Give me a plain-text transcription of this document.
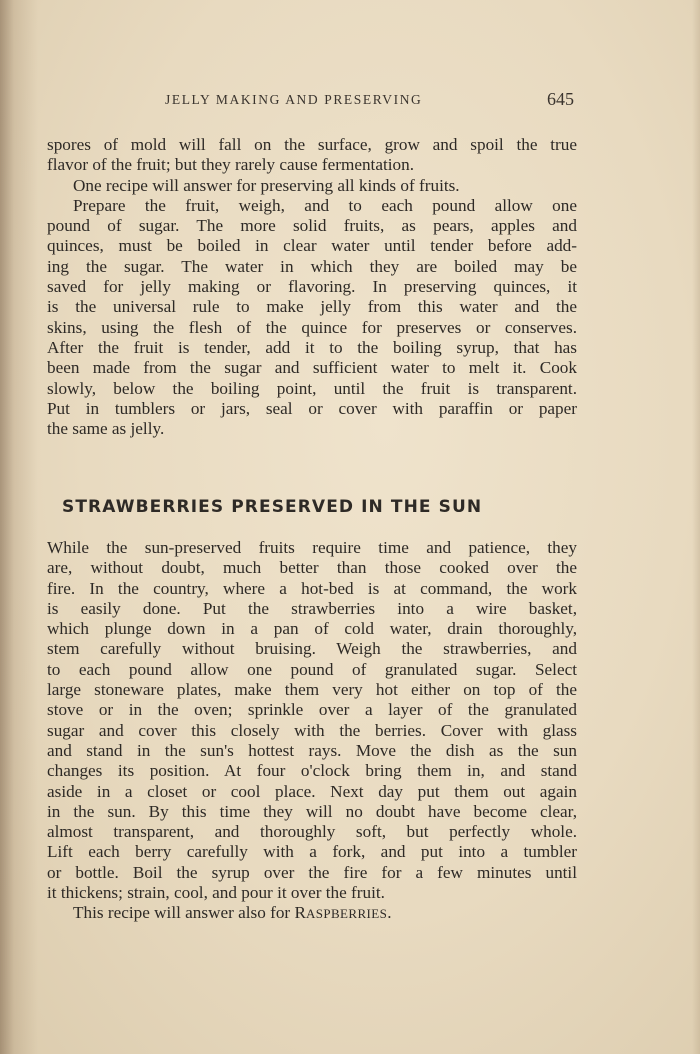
JELLY MAKING AND PRESERVING	645
spores of mold will fall on the surface, grow and spoil the true
flavor of the fruit; but they rarely cause fermentation.
One recipe will answer for preserving all kinds of fruits.
Prepare the fruit, weigh, and to each pound allow one
pound of sugar. The more solid fruits, as pears, apples and
quinces, must be boiled in clear water until tender before add-
ing the sugar. The water in which they are boiled may be
saved for jelly making or flavoring. In preserving quinces, it
is the universal rule to make jelly from this water and the
skins, using the flesh of the quince for preserves or conserves.
After the fruit is tender, add it to the boiling syrup, that has
been made from the sugar and sufficient water to melt it. Cook
slowly, below the boiling point, until the fruit is transparent.
Put in tumblers or jars, seal or cover with paraffin or paper
the same as jelly.
STRAWBERRIES PRESERVED IN THE SUN
While the sun-preserved fruits require time and patience, they
are, without doubt, much better than those cooked over the
fire. In the country, where a hot-bed is at command, the work
is easily done. Put the strawberries into a wire basket,
which plunge down in a pan of cold water, drain thoroughly,
stem carefully without bruising. Weigh the strawberries, and
to each pound allow one pound of granulated sugar. Select
large stoneware plates, make them very hot either on top of the
stove or in the oven; sprinkle over a layer of the granulated
sugar and cover this closely with the berries. Cover with glass
and stand in the sun's hottest rays. Move the dish as the sun
changes its position. At four o'clock bring them in, and stand
aside in a closet or cool place. Next day put them out again
in the sun. By this time they will no doubt have become clear,
almost transparent, and thoroughly soft, but perfectly whole.
Lift each berry carefully with a fork, and put into a tumbler
or bottle. Boil the syrup over the fire for a few minutes until
it thickens; strain, cool, and pour it over the fruit.
This recipe will answer also for RASPBERRIES.
